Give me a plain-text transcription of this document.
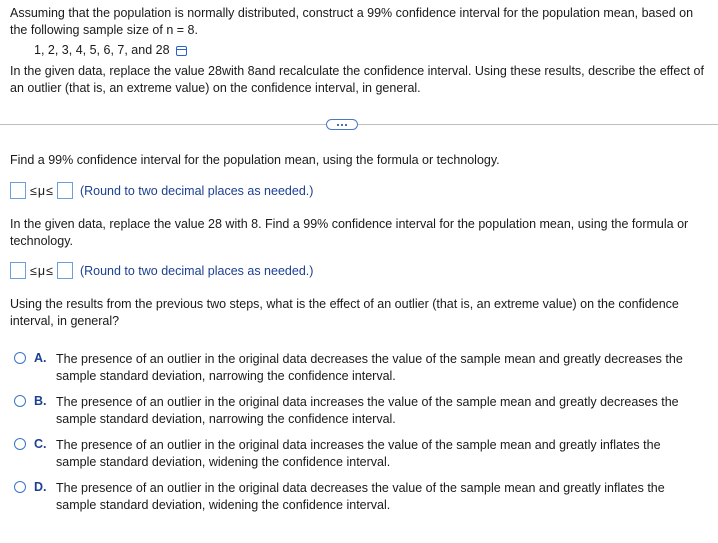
Assuming that the population is normally distributed, construct a 99% confidence interval for the population mean, based on the following sample size of n = 8.
1, 2, 3, 4, 5, 6, 7, and 28
In the given data, replace the value 28with 8and recalculate the confidence interval. Using these results, describe the effect of an outlier (that is, an extreme value) on the confidence interval, in general.
Find a 99% confidence interval for the population mean, using the formula or technology.
≤μ≤ (Round to two decimal places as needed.)
In the given data, replace the value 28 with 8. Find a 99% confidence interval for the population mean, using the formula or technology.
≤μ≤ (Round to two decimal places as needed.)
Using the results from the previous two steps, what is the effect of an outlier (that is, an extreme value) on the confidence interval, in general?
A. The presence of an outlier in the original data decreases the value of the sample mean and greatly decreases the sample standard deviation, narrowing the confidence interval.
B. The presence of an outlier in the original data increases the value of the sample mean and greatly decreases the sample standard deviation, narrowing the confidence interval.
C. The presence of an outlier in the original data increases the value of the sample mean and greatly inflates the sample standard deviation, widening the confidence interval.
D. The presence of an outlier in the original data decreases the value of the sample mean and greatly inflates the sample standard deviation, widening the confidence interval.
